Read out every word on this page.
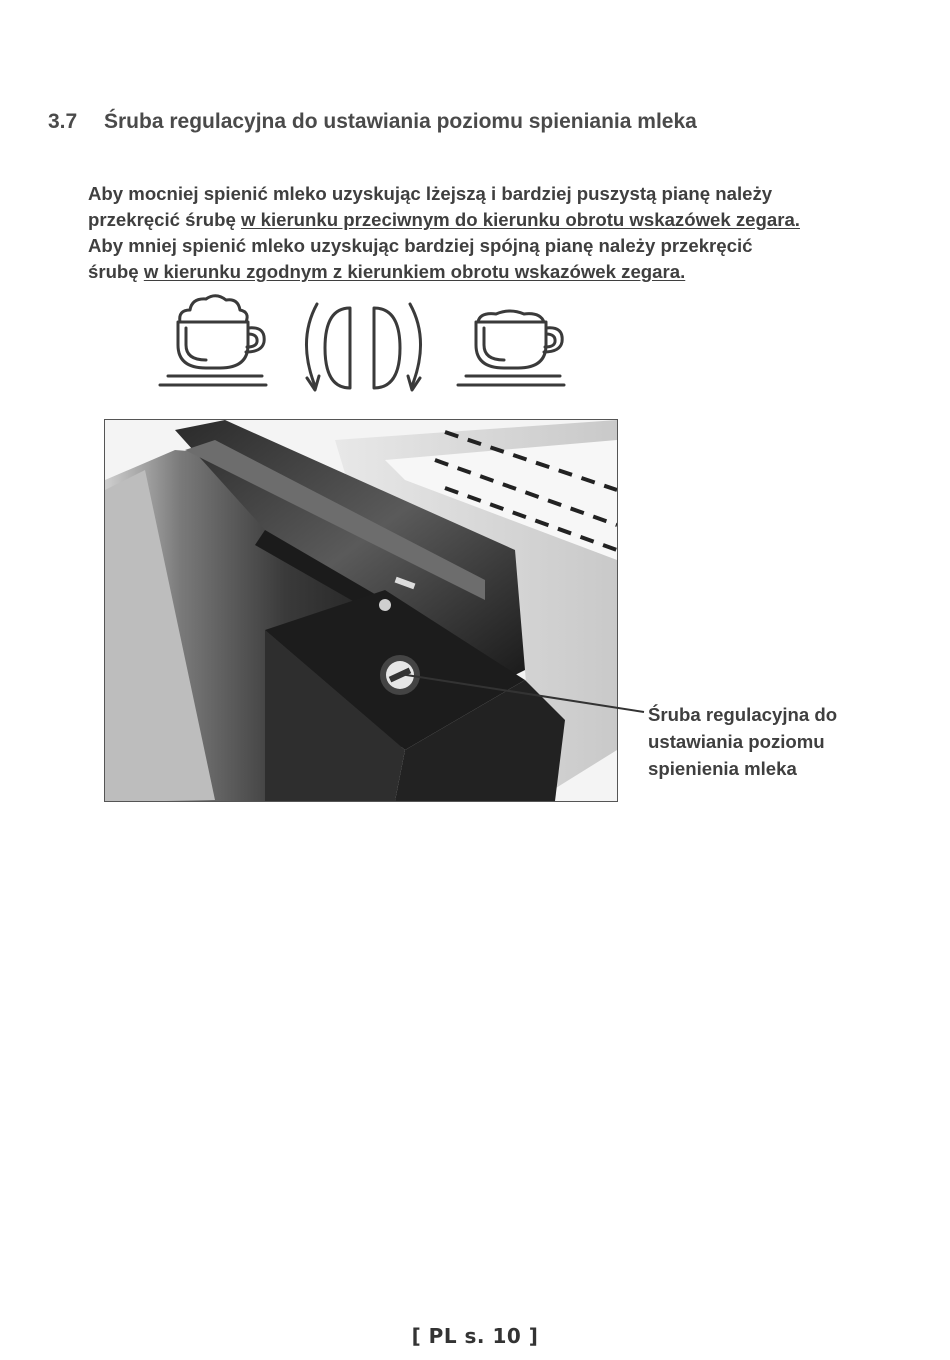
3.7 Śruba regulacyjna do ustawiania poziomu spieniania mleka
Aby mocniej spienić mleko uzyskując lżejszą i bardziej puszystą pianę należy
przekręcić śrubę w kierunku przeciwnym do kierunku obrotu wskazówek zegara.
Aby mniej spienić mleko uzyskując bardziej spójną pianę należy przekręcić
śrubę w kierunku zgodnym z kierunkiem obrotu wskazówek zegara.
Śruba regulacyjna do
ustawiania poziomu
spienienia mleka
[ PL s. 10 ]
